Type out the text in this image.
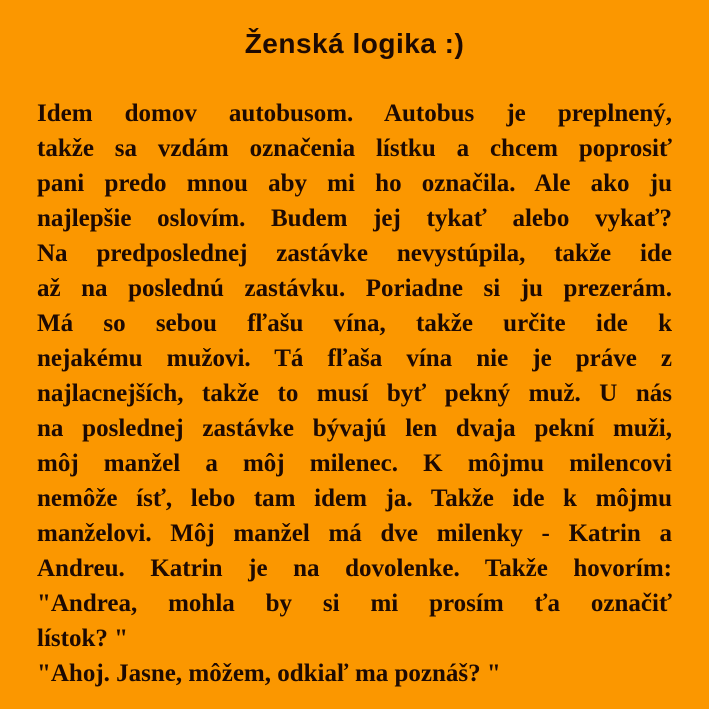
Ženská logika :)
Idem domov autobusom. Autobus je preplnený,
takže sa vzdám označenia lístku a chcem poprosiť
pani predo mnou aby mi ho označila. Ale ako ju
najlepšie oslovím. Budem jej tykať alebo vykať?
Na predposlednej zastávke nevystúpila, takže ide
až na poslednú zastávku. Poriadne si ju prezerám.
Má so sebou fľašu vína, takže určite ide k
nejakému mužovi. Tá fľaša vína nie je práve z
najlacnejších, takže to musí byť pekný muž. U nás
na poslednej zastávke bývajú len dvaja pekní muži,
môj manžel a môj milenec. K môjmu milencovi
nemôže ísť, lebo tam idem ja. Takže ide k môjmu
manželovi. Môj manžel má dve milenky - Katrin a
Andreu. Katrin je na dovolenke. Takže hovorím:
"Andrea, mohla by si mi prosím ťa označiť
lístok? "
"Ahoj. Jasne, môžem, odkiaľ ma poznáš? "
